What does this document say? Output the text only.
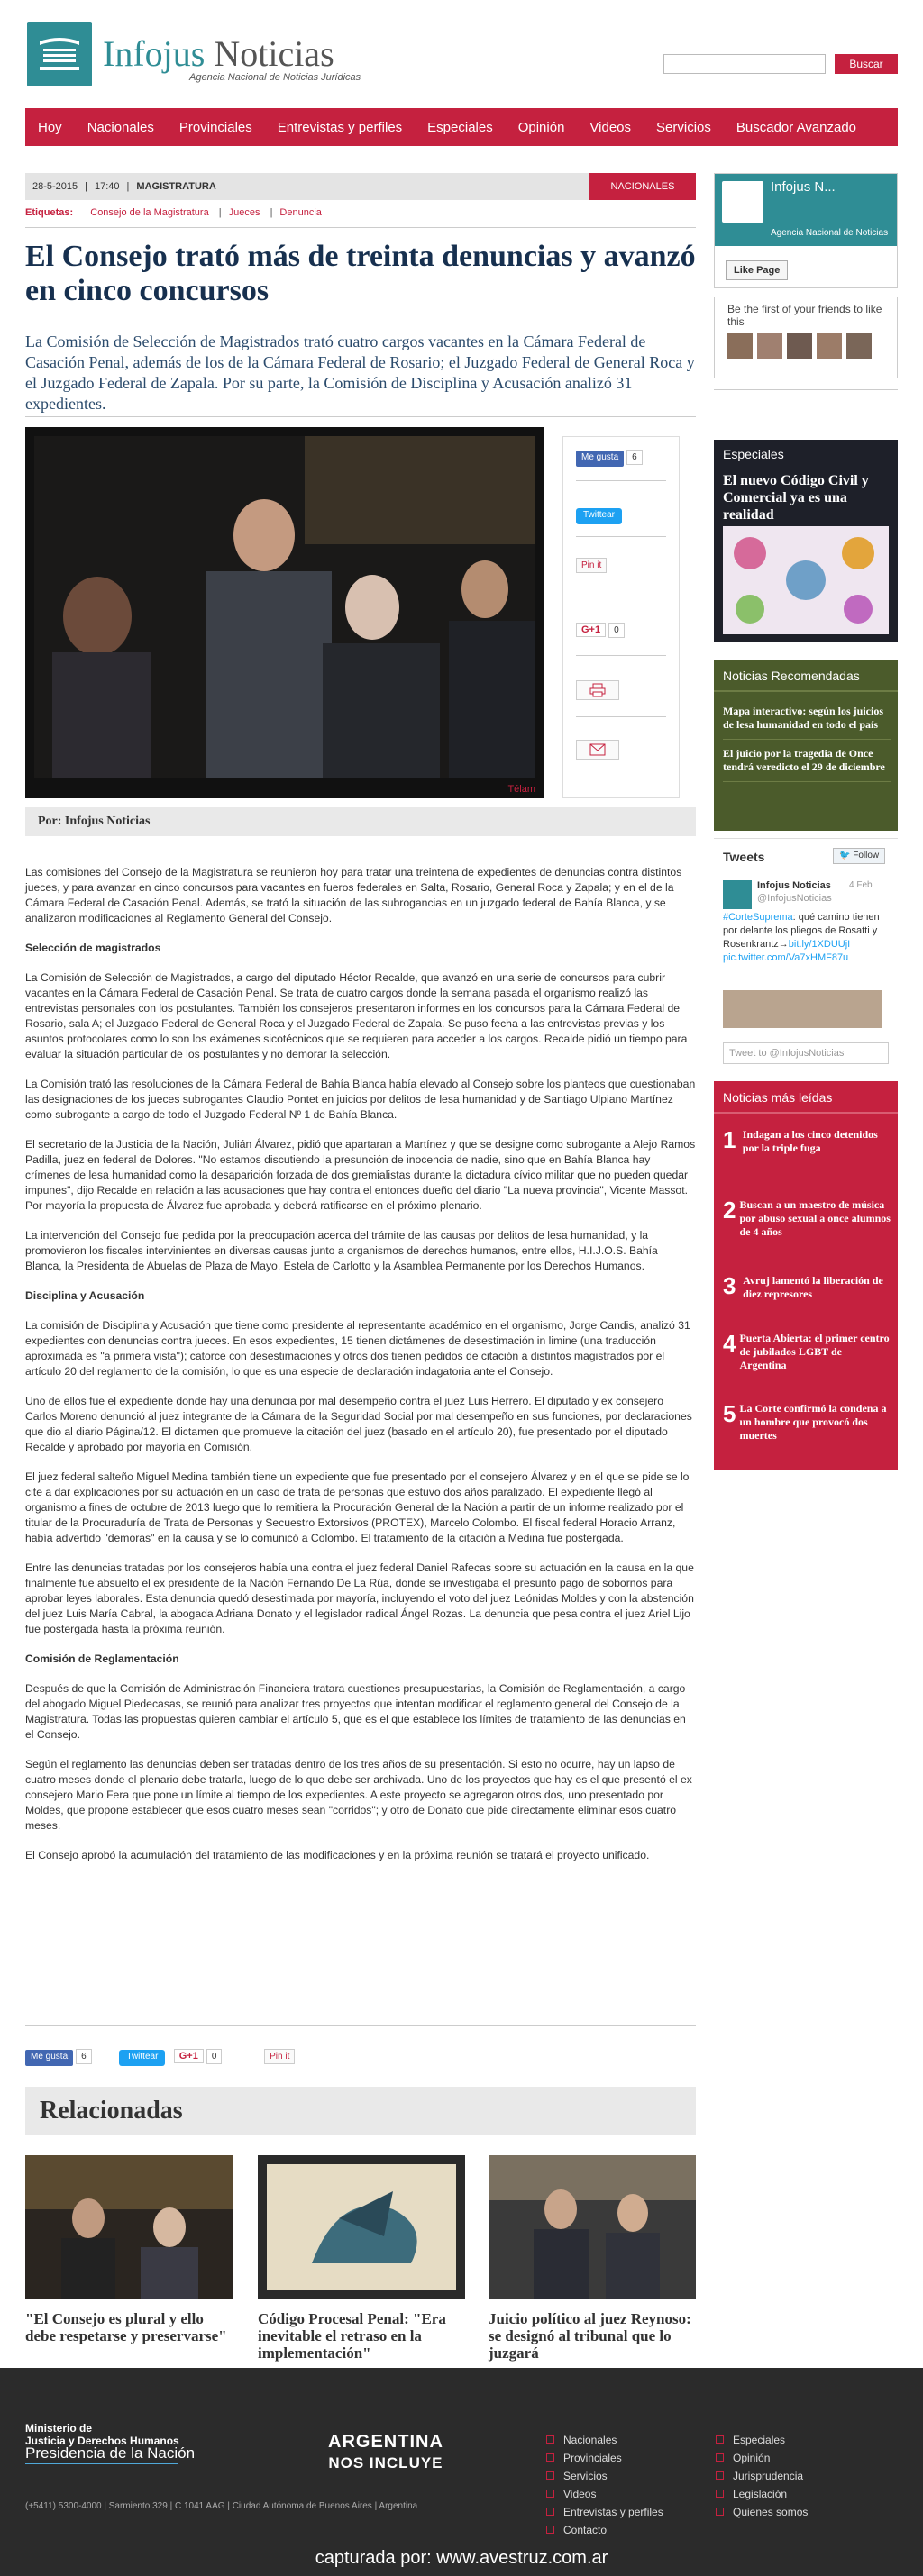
Infojus Noticias
Agencia Nacional de Noticias Jurídicas
Buscar
Hoy Nacionales Provinciales Entrevistas y perfiles Especiales Opinión Videos Servicios Buscador Avanzado
28-5-2015 | 17:40 | MAGISTRATURA	NACIONALES
Etiquetas: Consejo de la Magistratura | Jueces | Denuncia
El Consejo trató más de treinta denuncias y avanzó en cinco concursos

La Comisión de Selección de Magistrados trató cuatro cargos vacantes en la Cámara Federal de Casación Penal, además de los de la Cámara Federal de Rosario; el Juzgado Federal de General Roca y el Juzgado Federal de Zapala. Por su parte, la Comisión de Disciplina y Acusación analizó 31 expedientes.

Télam
Me gusta 6
Twittear
Pin it
G+1 0
Por: Infojus Noticias

Las comisiones del Consejo de la Magistratura se reunieron hoy para tratar una treintena de expedientes de denuncias contra distintos jueces, y para avanzar en cinco concursos para vacantes en fueros federales en Salta, Rosario, General Roca y Zapala; y en el de la Cámara Federal de Casación Penal. Además, se trató la situación de las subrogancias en un juzgado federal de Bahía Blanca, y se analizaron modificaciones al Reglamento General del Consejo.

Selección de magistrados

La Comisión de Selección de Magistrados, a cargo del diputado Héctor Recalde, que avanzó en una serie de concursos para cubrir vacantes en la Cámara Federal de Casación Penal. Se trata de cuatro cargos donde la semana pasada el organismo realizó las entrevistas personales con los postulantes. También los consejeros presentaron informes en los concursos para la Cámara Federal de Rosario, sala A; el Juzgado Federal de General Roca y el Juzgado Federal de Zapala. Se puso fecha a las entrevistas previas y los asuntos protocolares como lo son los exámenes sicotécnicos que se requieren para acceder a los cargos. Recalde pidió un tiempo para evaluar la situación particular de los postulantes y no demorar la selección.

La Comisión trató las resoluciones de la Cámara Federal de Bahía Blanca había elevado al Consejo sobre los planteos que cuestionaban las designaciones de los jueces subrogantes Claudio Pontet en juicios por delitos de lesa humanidad y de Santiago Ulpiano Martínez como subrogante a cargo de todo el Juzgado Federal Nº 1 de Bahía Blanca.

El secretario de la Justicia de la Nación, Julián Álvarez, pidió que apartaran a Martínez y que se designe como subrogante a Alejo Ramos Padilla, juez en federal de Dolores. "No estamos discutiendo la presunción de inocencia de nadie, sino que en Bahía Blanca hay crímenes de lesa humanidad como la desaparición forzada de dos gremialistas durante la dictadura cívico militar que no pueden quedar impunes", dijo Recalde en relación a las acusaciones que hay contra el entonces dueño del diario "La nueva provincia", Vicente Massot. Por mayoría la propuesta de Álvarez fue aprobada y deberá ratificarse en el próximo plenario.

La intervención del Consejo fue pedida por la preocupación acerca del trámite de las causas por delitos de lesa humanidad, y la promovieron los fiscales intervinientes en diversas causas junto a organismos de derechos humanos, entre ellos, H.I.J.O.S. Bahía Blanca, la Presidenta de Abuelas de Plaza de Mayo, Estela de Carlotto y la Asamblea Permanente por los Derechos Humanos.

Disciplina y Acusación

La comisión de Disciplina y Acusación que tiene como presidente al representante académico en el organismo, Jorge Candis, analizó 31 expedientes con denuncias contra jueces. En esos expedientes, 15 tienen dictámenes de desestimación in limine (una traducción aproximada es "a primera vista"); catorce con desestimaciones y otros dos tienen pedidos de citación a distintos magistrados por el artículo 20 del reglamento de la comisión, lo que es una especie de declaración indagatoria ante el Consejo.

Uno de ellos fue el expediente donde hay una denuncia por mal desempeño contra el juez Luis Herrero. El diputado y ex consejero Carlos Moreno denunció al juez integrante de la Cámara de la Seguridad Social por mal desempeño en sus funciones, por declaraciones que dio al diario Página/12. El dictamen que promueve la citación del juez (basado en el artículo 20), fue presentado por el diputado Recalde y aprobado por mayoría en Comisión.

El juez federal salteño Miguel Medina también tiene un expediente que fue presentado por el consejero Álvarez y en el que se pide se lo cite a dar explicaciones por su actuación en un caso de trata de personas que estuvo dos años paralizado. El expediente llegó al organismo a fines de octubre de 2013 luego que lo remitiera la Procuración General de la Nación a partir de un informe realizado por el titular de la Procuraduría de Trata de Personas y Secuestro Extorsivos (PROTEX), Marcelo Colombo. El fiscal federal Horacio Arranz, había advertido "demoras" en la causa y se lo comunicó a Colombo. El tratamiento de la citación a Medina fue postergada.

Entre las denuncias tratadas por los consejeros había una contra el juez federal Daniel Rafecas sobre su actuación en la causa en la que finalmente fue absuelto el ex presidente de la Nación Fernando De La Rúa, donde se investigaba el presunto pago de sobornos para aprobar leyes laborales. Esta denuncia quedó desestimada por mayoría, incluyendo el voto del juez Leónidas Moldes y con la abstención del juez Luis María Cabral, la abogada Adriana Donato y el legislador radical Ángel Rozas. La denuncia que pesa contra el juez Ariel Lijo fue postergada hasta la próxima reunión.

Comisión de Reglamentación

Después de que la Comisión de Administración Financiera tratara cuestiones presupuestarias, la Comisión de Reglamentación, a cargo del abogado Miguel Piedecasas, se reunió para analizar tres proyectos que intentan modificar el reglamento general del Consejo de la Magistratura. Todas las propuestas quieren cambiar el artículo 5, que es el que establece los límites de tratamiento de las denuncias en el Consejo.

Según el reglamento las denuncias deben ser tratadas dentro de los tres años de su presentación. Si esto no ocurre, hay un lapso de cuatro meses donde el plenario debe tratarla, luego de lo que debe ser archivada. Uno de los proyectos que hay es el que presentó el ex consejero Mario Fera que pone un límite al tiempo de los expedientes. A este proyecto se agregaron otros dos, uno presentado por Moldes, que propone establecer que esos cuatro meses sean "corridos"; y otro de Donato que pide directamente eliminar esos cuatro meses.

El Consejo aprobó la acumulación del tratamiento de las modificaciones y en la próxima reunión se tratará el proyecto unificado.

Me gusta 6	Twittear G+1 0	Pin it
Relacionadas
"El Consejo es plural y ello debe respetarse y preservarse"
Código Procesal Penal: "Era inevitable el retraso en la implementación"
Juicio político al juez Reynoso: se designó al tribunal que lo juzgará
Infojus N...
Agencia Nacional de Noticias
Like Page
Be the first of your friends to like this
Especiales
El nuevo Código Civil y Comercial ya es una realidad
Noticias Recomendadas
Mapa interactivo: según los juicios de lesa humanidad en todo el país
El juicio por la tragedia de Once tendrá veredicto el 29 de diciembre
Tweets	🐦 Follow
Infojus Noticias
@InfojusNoticias
4 Feb
#CorteSuprema: qué camino tienen por delante los pliegos de Rosatti y Rosenkrantz→bit.ly/1XDUUjI pic.twitter.com/Va7xHMF87u
Tweet to @InfojusNoticias
Noticias más leídas
1 Indagan a los cinco detenidos por la triple fuga
2 Buscan a un maestro de música por abuso sexual a once alumnos de 4 años
3 Avruj lamentó la liberación de diez represores
4 Puerta Abierta: el primer centro de jubilados LGBT de Argentina
5 La Corte confirmó la condena a un hombre que provocó dos muertes
Ministerio de
Justicia y Derechos Humanos
Presidencia de la Nación
(+5411) 5300-4000 | Sarmiento 329 | C 1041 AAG | Ciudad Autónoma de Buenos Aires | Argentina
ARGENTINA
NOS INCLUYE
Nacionales
Provinciales
Servicios
Videos
Entrevistas y perfiles
Contacto
Especiales
Opinión
Jurisprudencia
Legislación
Quienes somos
capturada por: www.avestruz.com.ar
